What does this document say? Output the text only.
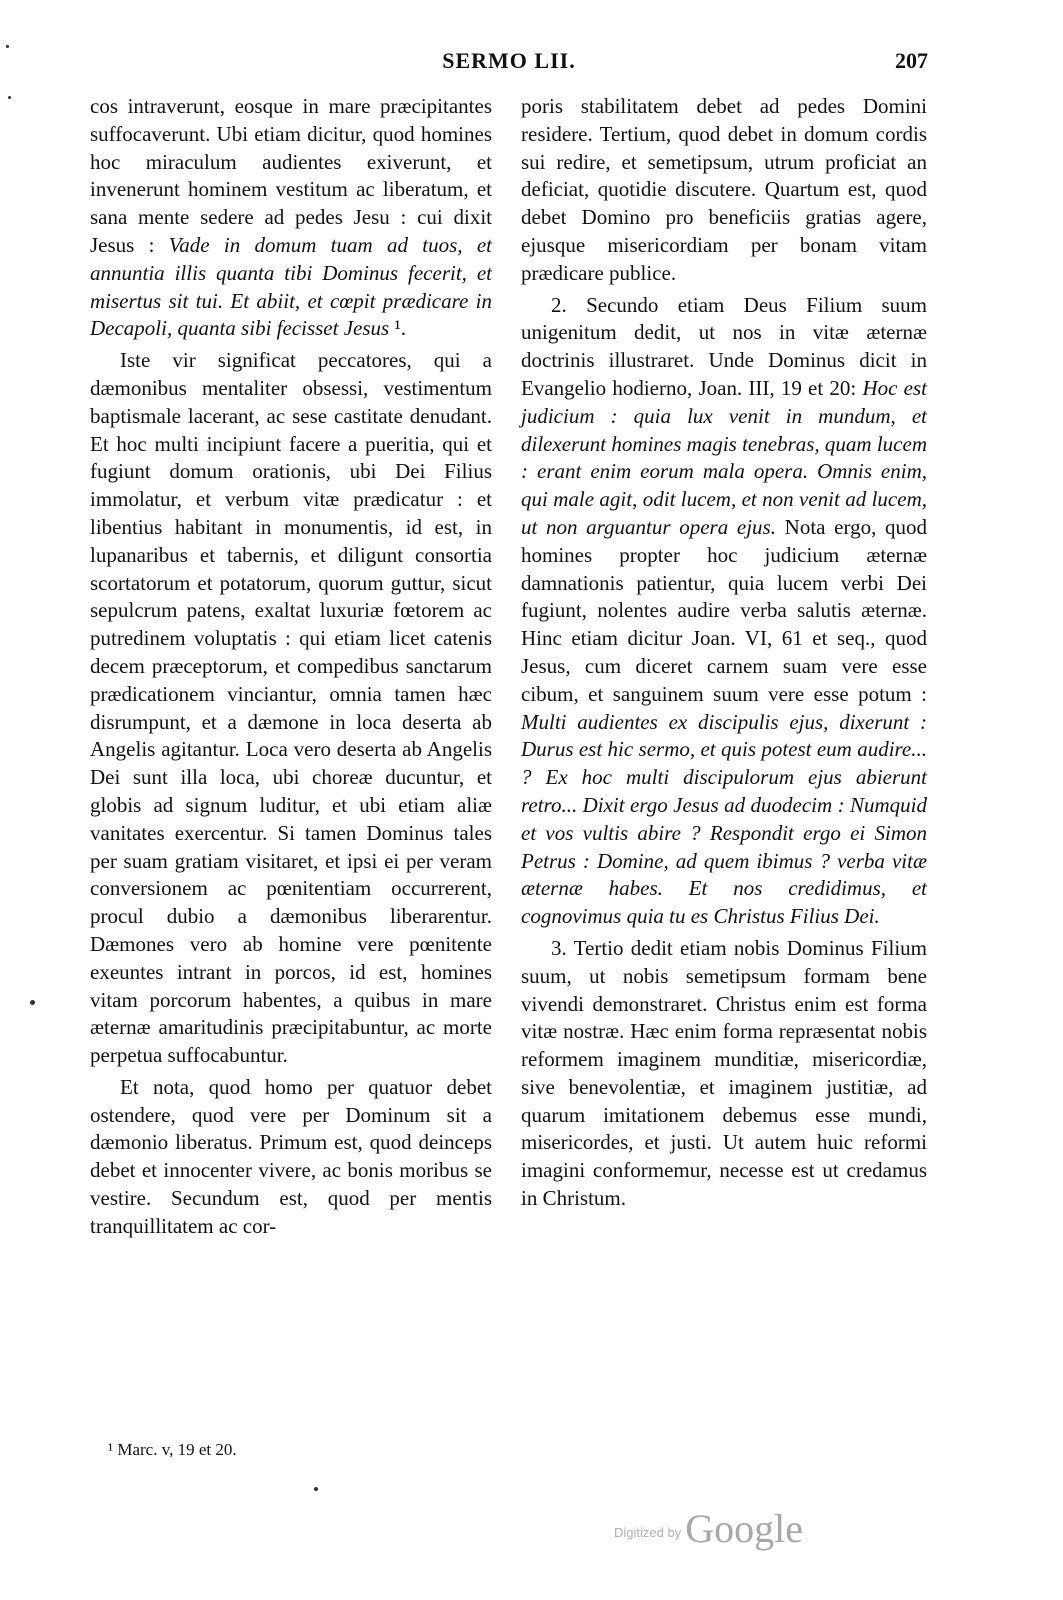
SERMO LII.	207

cos intraverunt, eosque in mare præcipitantes suffocaverunt. Ubi etiam dicitur, quod homines hoc miraculum audientes exiverunt, et invenerunt hominem vestitum ac liberatum, et sana mente sedere ad pedes Jesu : cui dixit Jesus : Vade in domum tuam ad tuos, et annuntia illis quanta tibi Dominus fecerit, et misertus sit tui. Et abiit, et cœpit prædicare in Decapoli, quanta sibi fecisset Jesus ¹.

Iste vir significat peccatores, qui a dæmonibus mentaliter obsessi, vestimentum baptismale lacerant, ac sese castitate denudant. Et hoc multi incipiunt facere a pueritia, qui et fugiunt domum orationis, ubi Dei Filius immolatur, et verbum vitæ prædicatur : et libentius habitant in monumentis, id est, in lupanaribus et tabernis, et diligunt consortia scortatorum et potatorum, quorum guttur, sicut sepulcrum patens, exaltat luxuriæ fœtorem ac putredinem voluptatis : qui etiam licet catenis decem præceptorum, et compedibus sanctarum prædicationem vinciantur, omnia tamen hæc disrumpunt, et a dæmone in loca deserta ab Angelis agitantur. Loca vero deserta ab Angelis Dei sunt illa loca, ubi choreæ ducuntur, et globis ad signum luditur, et ubi etiam aliæ vanitates exercentur. Si tamen Dominus tales per suam gratiam visitaret, et ipsi ei per veram conversionem ac pœnitentiam occurrerent, procul dubio a dæmonibus liberarentur. Dæmones vero ab homine vere pœnitente exeuntes intrant in porcos, id est, homines vitam porcorum habentes, a quibus in mare æternæ amaritudinis præcipitabuntur, ac morte perpetua suffocabuntur.

Et nota, quod homo per quatuor debet ostendere, quod vere per Dominum sit a dæmonio liberatus. Primum est, quod deinceps debet et innocenter vivere, ac bonis moribus se vestire. Secundum est, quod per mentis tranquillitatem ac cor-

poris stabilitatem debet ad pedes Domini residere. Tertium, quod debet in domum cordis sui redire, et semetipsum, utrum proficiat an deficiat, quotidie discutere. Quartum est, quod debet Domino pro beneficiis gratias agere, ejusque misericordiam per bonam vitam prædicare publice.

2. Secundo etiam Deus Filium suum unigenitum dedit, ut nos in vitæ æternæ doctrinis illustraret. Unde Dominus dicit in Evangelio hodierno, Joan. III, 19 et 20: Hoc est judicium : quia lux venit in mundum, et dilexerunt homines magis tenebras, quam lucem : erant enim eorum mala opera. Omnis enim, qui male agit, odit lucem, et non venit ad lucem, ut non arguantur opera ejus. Nota ergo, quod homines propter hoc judicium æternæ damnationis patientur, quia lucem verbi Dei fugiunt, nolentes audire verba salutis æternæ. Hinc etiam dicitur Joan. VI, 61 et seq., quod Jesus, cum diceret carnem suam vere esse cibum, et sanguinem suum vere esse potum : Multi audientes ex discipulis ejus, dixerunt : Durus est hic sermo, et quis potest eum audire... ? Ex hoc multi discipulorum ejus abierunt retro... Dixit ergo Jesus ad duodecim : Numquid et vos vultis abire ? Respondit ergo ei Simon Petrus : Domine, ad quem ibimus ? verba vitæ æternæ habes. Et nos credidimus, et cognovimus quia tu es Christus Filius Dei.

3. Tertio dedit etiam nobis Dominus Filium suum, ut nobis semetipsum formam bene vivendi demonstraret. Christus enim est forma vitæ nostræ. Hæc enim forma repræsentat nobis reformem imaginem munditiæ, misericordiæ, sive benevolentiæ, et imaginem justitiæ, ad quarum imitationem debemus esse mundi, misericordes, et justi. Ut autem huic reformi imagini conformemur, necesse est ut credamus in Christum.

¹ Marc. v, 19 et 20.
Digitized by Google
